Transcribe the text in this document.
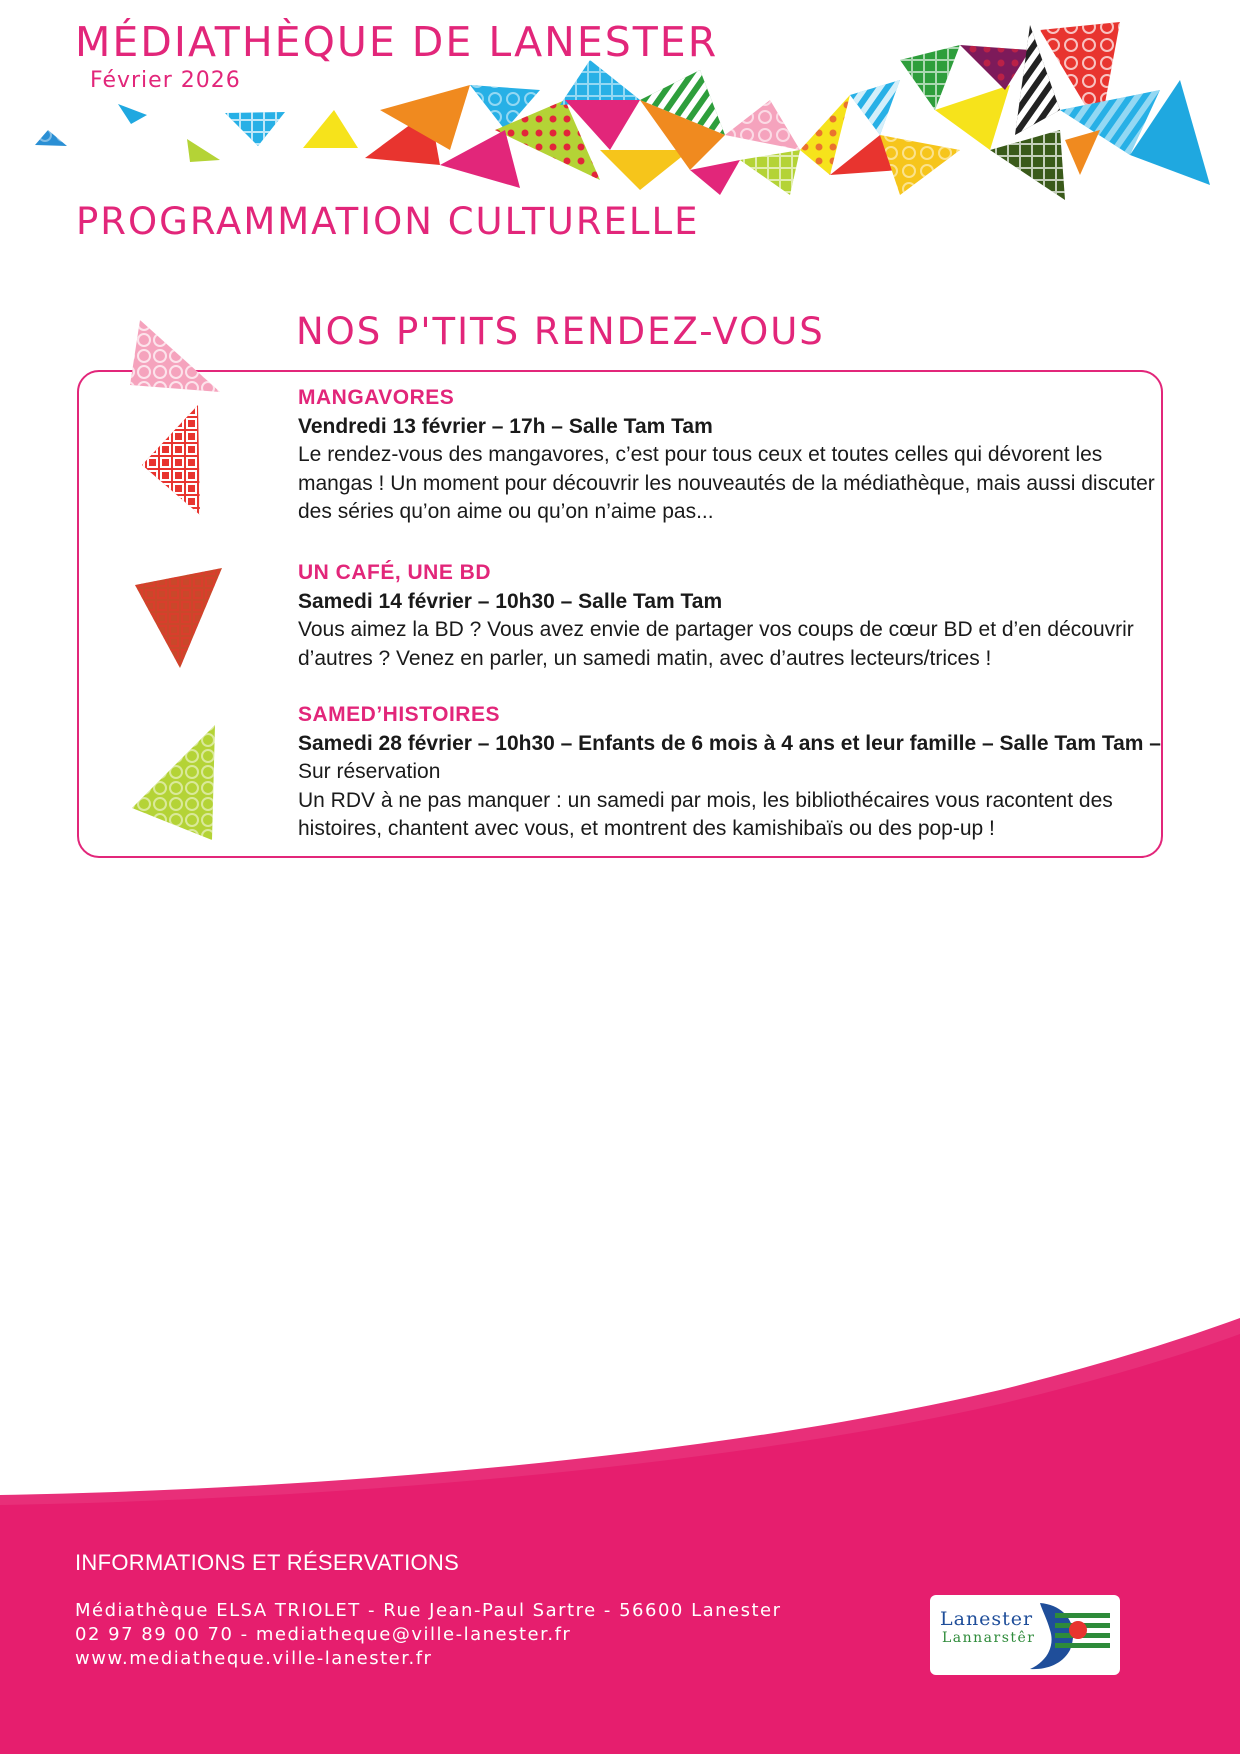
MÉDIATHÈQUE DE LANESTER
Février 2026
PROGRAMMATION CULTURELLE
NOS P'TITS RENDEZ-VOUS
MANGAVORES
Vendredi 13 février – 17h – Salle Tam Tam
Le rendez-vous des mangavores, c’est pour tous ceux et toutes celles qui dévorent les mangas ! Un moment pour découvrir les nouveautés de la médiathèque, mais aussi discuter des séries qu’on aime ou qu’on n’aime pas...
UN CAFÉ, UNE BD
Samedi 14 février – 10h30 – Salle Tam Tam
Vous aimez la BD ? Vous avez envie de partager vos coups de cœur BD et d’en découvrir d’autres ? Venez en parler, un samedi matin, avec d’autres lecteurs/trices !
SAMED’HISTOIRES
Samedi 28 février – 10h30 – Enfants de 6 mois à 4 ans et leur famille – Salle Tam Tam – Sur réservation
Un RDV à ne pas manquer : un samedi par mois, les bibliothécaires vous racontent des histoires, chantent avec vous, et montrent des kamishibaïs ou des pop-up !
INFORMATIONS ET RÉSERVATIONS
Médiathèque ELSA TRIOLET - Rue Jean-Paul Sartre - 56600 Lanester
02 97 89 00 70 - mediatheque@ville-lanester.fr
www.mediatheque.ville-lanester.fr
Lanester
Lannarstêr
